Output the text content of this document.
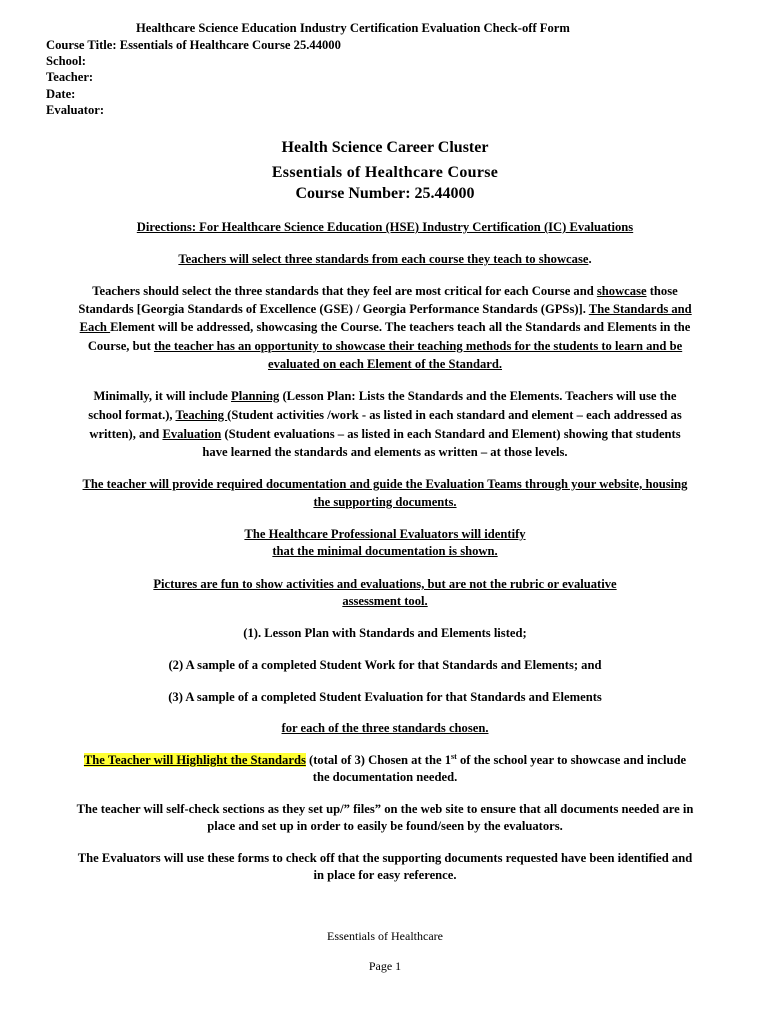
Healthcare Science Education Industry Certification Evaluation Check-off Form
Course Title: Essentials of Healthcare Course 25.44000
School:
Teacher:
Date:
Evaluator:
Health Science Career Cluster
Essentials of Healthcare Course
Course Number: 25.44000
Directions: For Healthcare Science Education (HSE) Industry Certification (IC) Evaluations
Teachers will select three standards from each course they teach to showcase.
Teachers should select the three standards that they feel are most critical for each Course and showcase those
Standards [Georgia Standards of Excellence (GSE) / Georgia Performance Standards (GPSs)]. The Standards and
Each Element will be addressed, showcasing the Course. The teachers teach all the Standards and Elements in the
Course, but the teacher has an opportunity to showcase their teaching methods for the students to learn and be
evaluated on each Element of the Standard.
Minimally, it will include Planning (Lesson Plan: Lists the Standards and the Elements. Teachers will use the
school format.), Teaching (Student activities /work - as listed in each standard and element – each addressed as
written), and Evaluation (Student evaluations – as listed in each Standard and Element) showing that students
have learned the standards and elements as written – at those levels.
The teacher will provide required documentation and guide the Evaluation Teams through your website, housing
the supporting documents.
The Healthcare Professional Evaluators will identify
that the minimal documentation is shown.
Pictures are fun to show activities and evaluations, but are not the rubric or evaluative
assessment tool.
(1). Lesson Plan with Standards and Elements listed;
(2) A sample of a completed Student Work for that Standards and Elements; and
(3) A sample of a completed Student Evaluation for that Standards and Elements
for each of the three standards chosen.
The Teacher will Highlight the Standards (total of 3) Chosen at the 1st of the school year to showcase and include
the documentation needed.
The teacher will self-check sections as they set up/” files” on the web site to ensure that all documents needed are in
place and set up in order to easily be found/seen by the evaluators.
The Evaluators will use these forms to check off that the supporting documents requested have been identified and
in place for easy reference.
Essentials of Healthcare
Page 1
